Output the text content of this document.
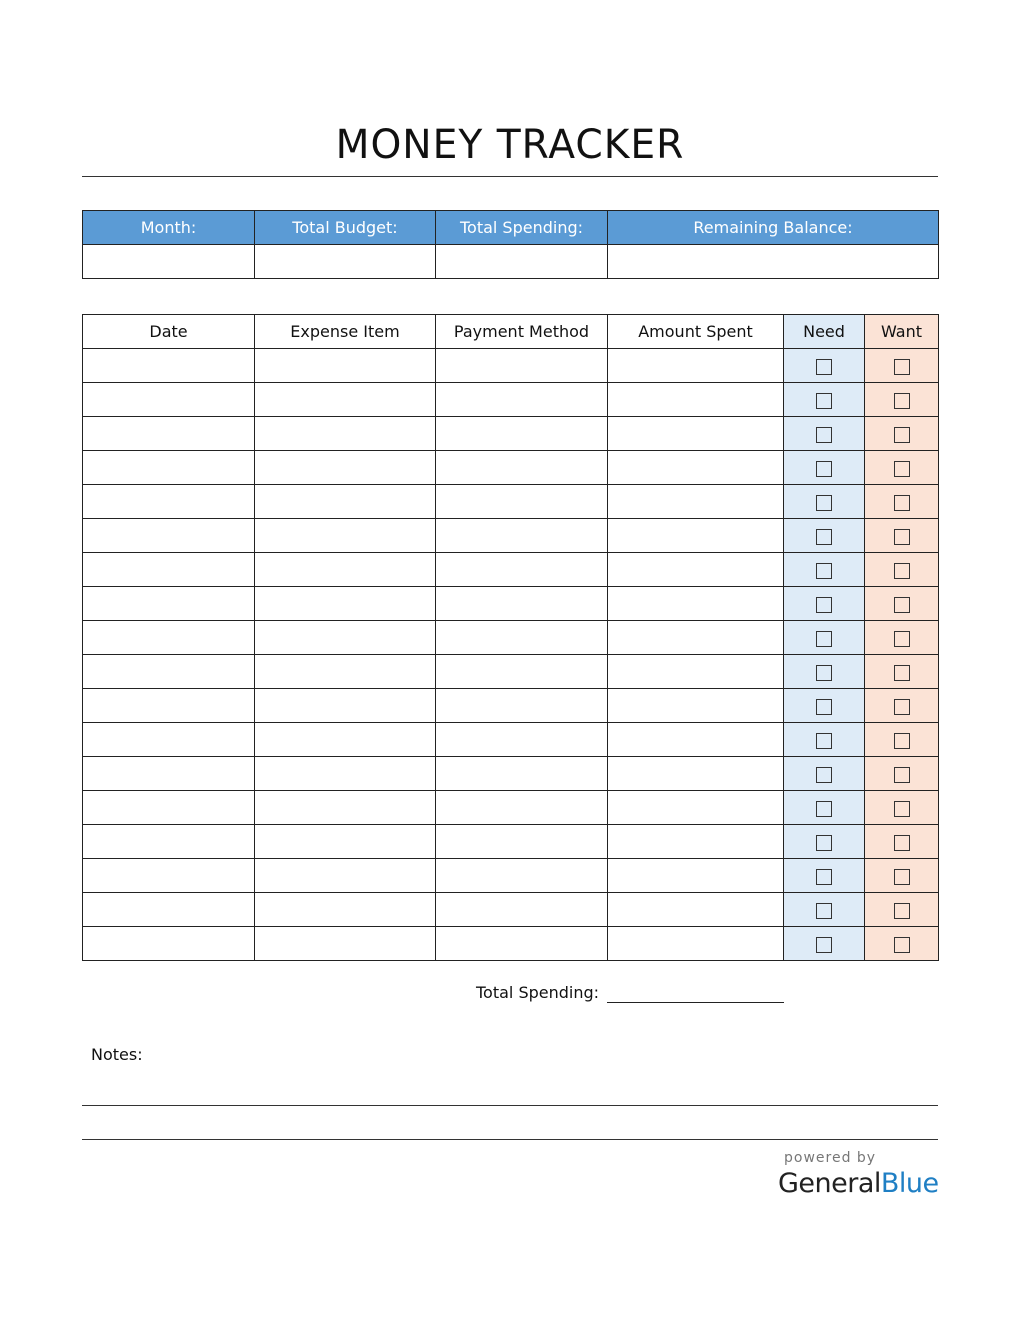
MONEY TRACKER
Month:	Total Budget:	Total Spending:	Remaining Balance:

Date	Expense Item	Payment Method	Amount Spent	Need	Want

Total Spending:
Notes:
powered by
GeneralBlue
